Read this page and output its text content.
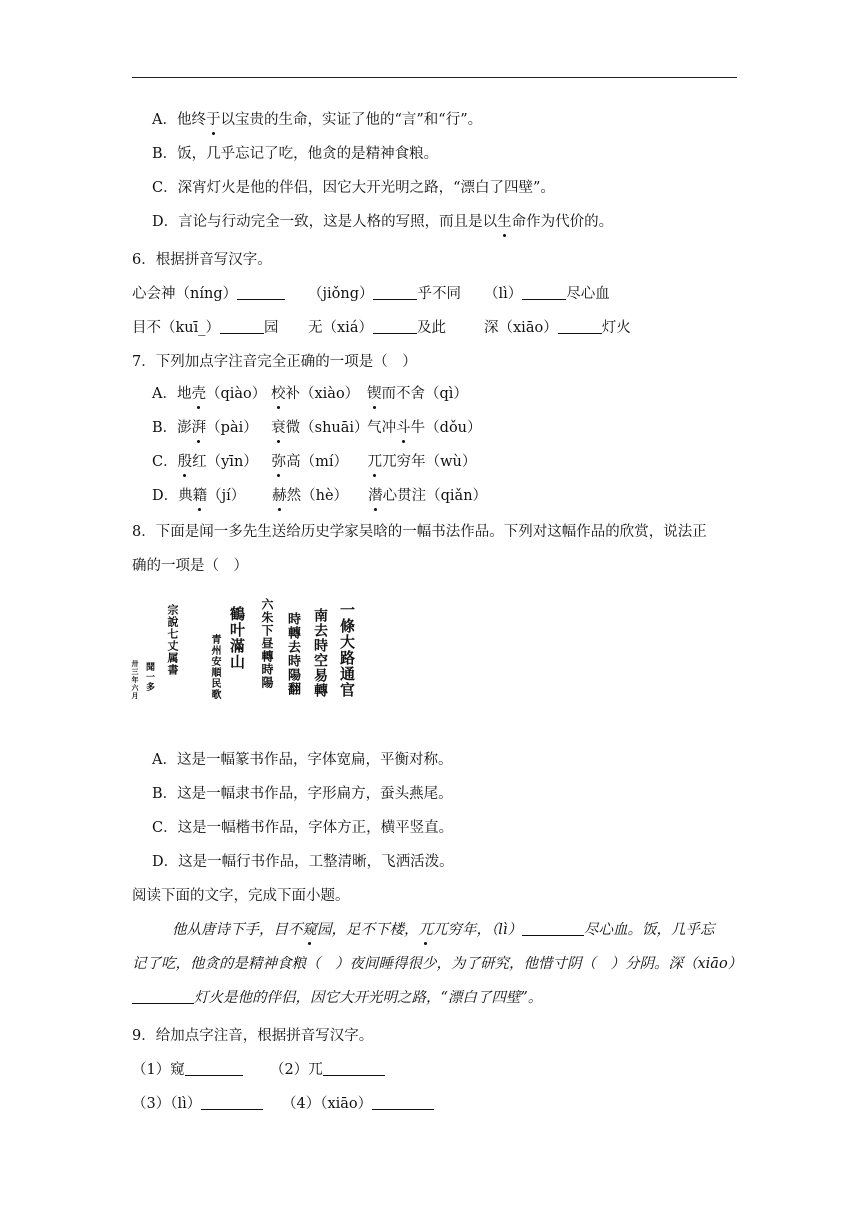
A．他终于以宝贵的生命，实证了他的“言”和“行”。
B．饭，几乎忘记了吃，他贪的是精神食粮。
C．深宵灯火是他的伴侣，因它大开光明之路，“漂白了四壁”。
D．言论与行动完全一致，这是人格的写照，而且是以生命作为代价的。
6．根据拼音写汉字。
心会神（níng）	（jiǒng）	乎不同 （lì）	尽心血
目不（kuī_）	园 无（xiá）	及此	深（xiāo）	灯火
7．下列加点字注音完全正确的一项是（　）
A．地壳（qiào） 校补（xiào） 锲而不舍（qì）
B．澎湃（pài） 衰微（shuāi）气冲斗牛（dǒu）
C．殷红（yīn） 弥高（mí） 兀兀穷年（wù）
D．典籍（jí） 赫然（hè） 潜心贯注（qiǎn）
8．下面是闻一多先生送给历史学家吴晗的一幅书法作品。下列对这幅作品的欣赏，说法正
确的一项是（　）
一條大路通官
南去時空易轉
時轉去時陽翻
六朱下昼轉時陽
鶴叶滿山
青州安順民歌
宗說七丈属書
聞一多
卅三年六月
A．这是一幅篆书作品，字体宽扁，平衡对称。
B．这是一幅隶书作品，字形扁方，蚕头燕尾。
C．这是一幅楷书作品，字体方正，横平竖直。
D．这是一幅行书作品，工整清晰，飞洒活泼。
阅读下面的文字，完成下面小题。
他从唐诗下手，目不窥园，足不下楼，兀兀穷年，（lì）	尽心血。饭，几乎忘
记了吃，他贪的是精神食粮（　）夜间睡得很少，为了研究，他惜寸阴（　）分阴。深（xiāo）
灯火是他的伴侣，因它大开光明之路，“漂白了四壁”。
9．给加点字注音，根据拼音写汉字。
（1）窥	（2）兀
（3）（lì）	（4）（xiāo）
